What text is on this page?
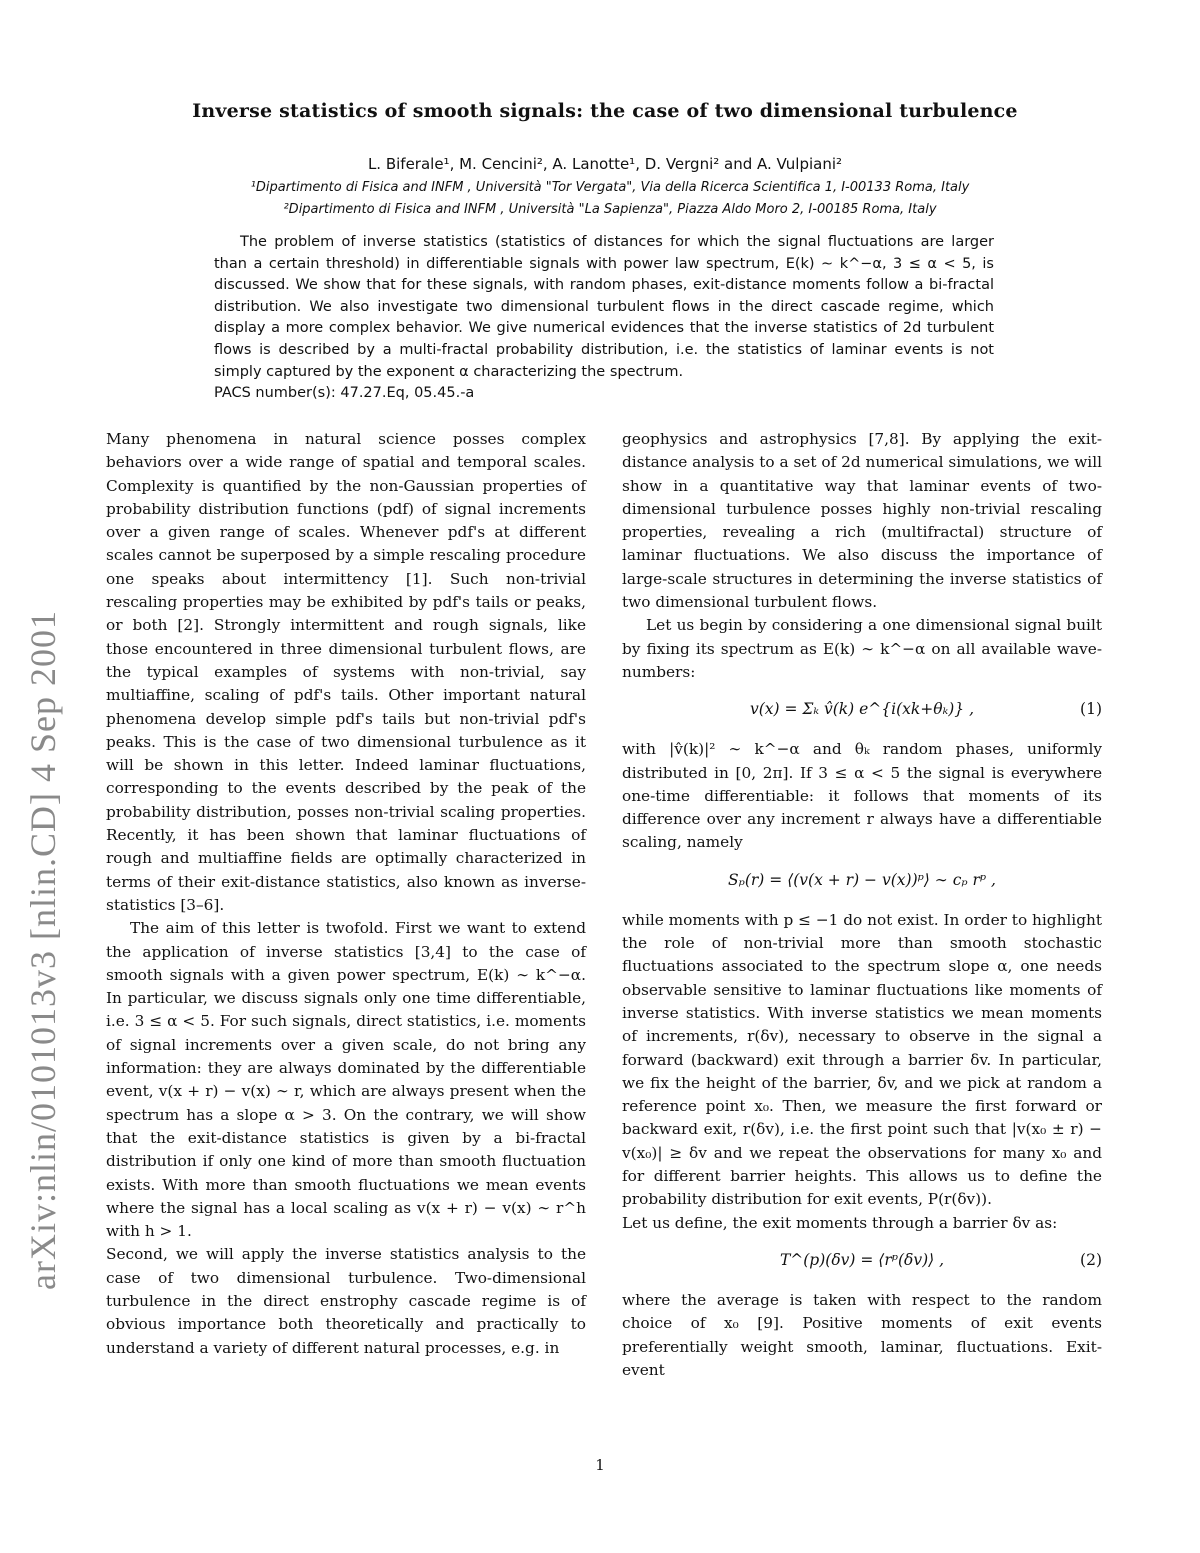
arXiv:nlin/0101013v3 [nlin.CD] 4 Sep 2001
Inverse statistics of smooth signals: the case of two dimensional turbulence
L. Biferale¹, M. Cencini², A. Lanotte¹, D. Vergni² and A. Vulpiani²
¹Dipartimento di Fisica and INFM , Università "Tor Vergata", Via della Ricerca Scientifica 1, I-00133 Roma, Italy
²Dipartimento di Fisica and INFM , Università "La Sapienza", Piazza Aldo Moro 2, I-00185 Roma, Italy
The problem of inverse statistics (statistics of distances for which the signal fluctuations are larger than a certain threshold) in differentiable signals with power law spectrum, E(k) ∼ k^−α, 3 ≤ α < 5, is discussed. We show that for these signals, with random phases, exit-distance moments follow a bi-fractal distribution. We also investigate two dimensional turbulent flows in the direct cascade regime, which display a more complex behavior. We give numerical evidences that the inverse statistics of 2d turbulent flows is described by a multi-fractal probability distribution, i.e. the statistics of laminar events is not simply captured by the exponent α characterizing the spectrum.
PACS number(s): 47.27.Eq, 05.45.-a

Many phenomena in natural science posses complex behaviors over a wide range of spatial and temporal scales. Complexity is quantified by the non-Gaussian properties of probability distribution functions (pdf) of signal increments over a given range of scales. Whenever pdf's at different scales cannot be superposed by a simple rescaling procedure one speaks about intermittency [1]. Such non-trivial rescaling properties may be exhibited by pdf's tails or peaks, or both [2]. Strongly intermittent and rough signals, like those encountered in three dimensional turbulent flows, are the typical examples of systems with non-trivial, say multiaffine, scaling of pdf's tails. Other important natural phenomena develop simple pdf's tails but non-trivial pdf's peaks. This is the case of two dimensional turbulence as it will be shown in this letter. Indeed laminar fluctuations, corresponding to the events described by the peak of the probability distribution, posses non-trivial scaling properties. Recently, it has been shown that laminar fluctuations of rough and multiaffine fields are optimally characterized in terms of their exit-distance statistics, also known as inverse-statistics [3–6].

The aim of this letter is twofold. First we want to extend the application of inverse statistics [3,4] to the case of smooth signals with a given power spectrum, E(k) ∼ k^−α. In particular, we discuss signals only one time differentiable, i.e. 3 ≤ α < 5. For such signals, direct statistics, i.e. moments of signal increments over a given scale, do not bring any information: they are always dominated by the differentiable event, v(x + r) − v(x) ∼ r, which are always present when the spectrum has a slope α > 3. On the contrary, we will show that the exit-distance statistics is given by a bi-fractal distribution if only one kind of more than smooth fluctuation exists. With more than smooth fluctuations we mean events where the signal has a local scaling as v(x + r) − v(x) ∼ r^h with h > 1.

Second, we will apply the inverse statistics analysis to the case of two dimensional turbulence. Two-dimensional turbulence in the direct enstrophy cascade regime is of obvious importance both theoretically and practically to understand a variety of different natural processes, e.g. in

geophysics and astrophysics [7,8]. By applying the exit-distance analysis to a set of 2d numerical simulations, we will show in a quantitative way that laminar events of two-dimensional turbulence posses highly non-trivial rescaling properties, revealing a rich (multifractal) structure of laminar fluctuations. We also discuss the importance of large-scale structures in determining the inverse statistics of two dimensional turbulent flows.

Let us begin by considering a one dimensional signal built by fixing its spectrum as E(k) ∼ k^−α on all available wave-numbers:

v(x) = Σₖ v̂(k) e^{i(xk+θₖ)} ,	(1)

with |v̂(k)|² ∼ k^−α and θₖ random phases, uniformly distributed in [0, 2π]. If 3 ≤ α < 5 the signal is everywhere one-time differentiable: it follows that moments of its difference over any increment r always have a differentiable scaling, namely

Sₚ(r) = ⟨(v(x + r) − v(x))ᵖ⟩ ∼ cₚ rᵖ ,

while moments with p ≤ −1 do not exist. In order to highlight the role of non-trivial more than smooth stochastic fluctuations associated to the spectrum slope α, one needs observable sensitive to laminar fluctuations like moments of inverse statistics. With inverse statistics we mean moments of increments, r(δv), necessary to observe in the signal a forward (backward) exit through a barrier δv. In particular, we fix the height of the barrier, δv, and we pick at random a reference point x₀. Then, we measure the first forward or backward exit, r(δv), i.e. the first point such that |v(x₀ ± r) − v(x₀)| ≥ δv and we repeat the observations for many x₀ and for different barrier heights. This allows us to define the probability distribution for exit events, P(r(δv)).

Let us define, the exit moments through a barrier δv as:

T^(p)(δv) = ⟨rᵖ(δv)⟩ ,	(2)

where the average is taken with respect to the random choice of x₀ [9]. Positive moments of exit events preferentially weight smooth, laminar, fluctuations. Exit-event

1
